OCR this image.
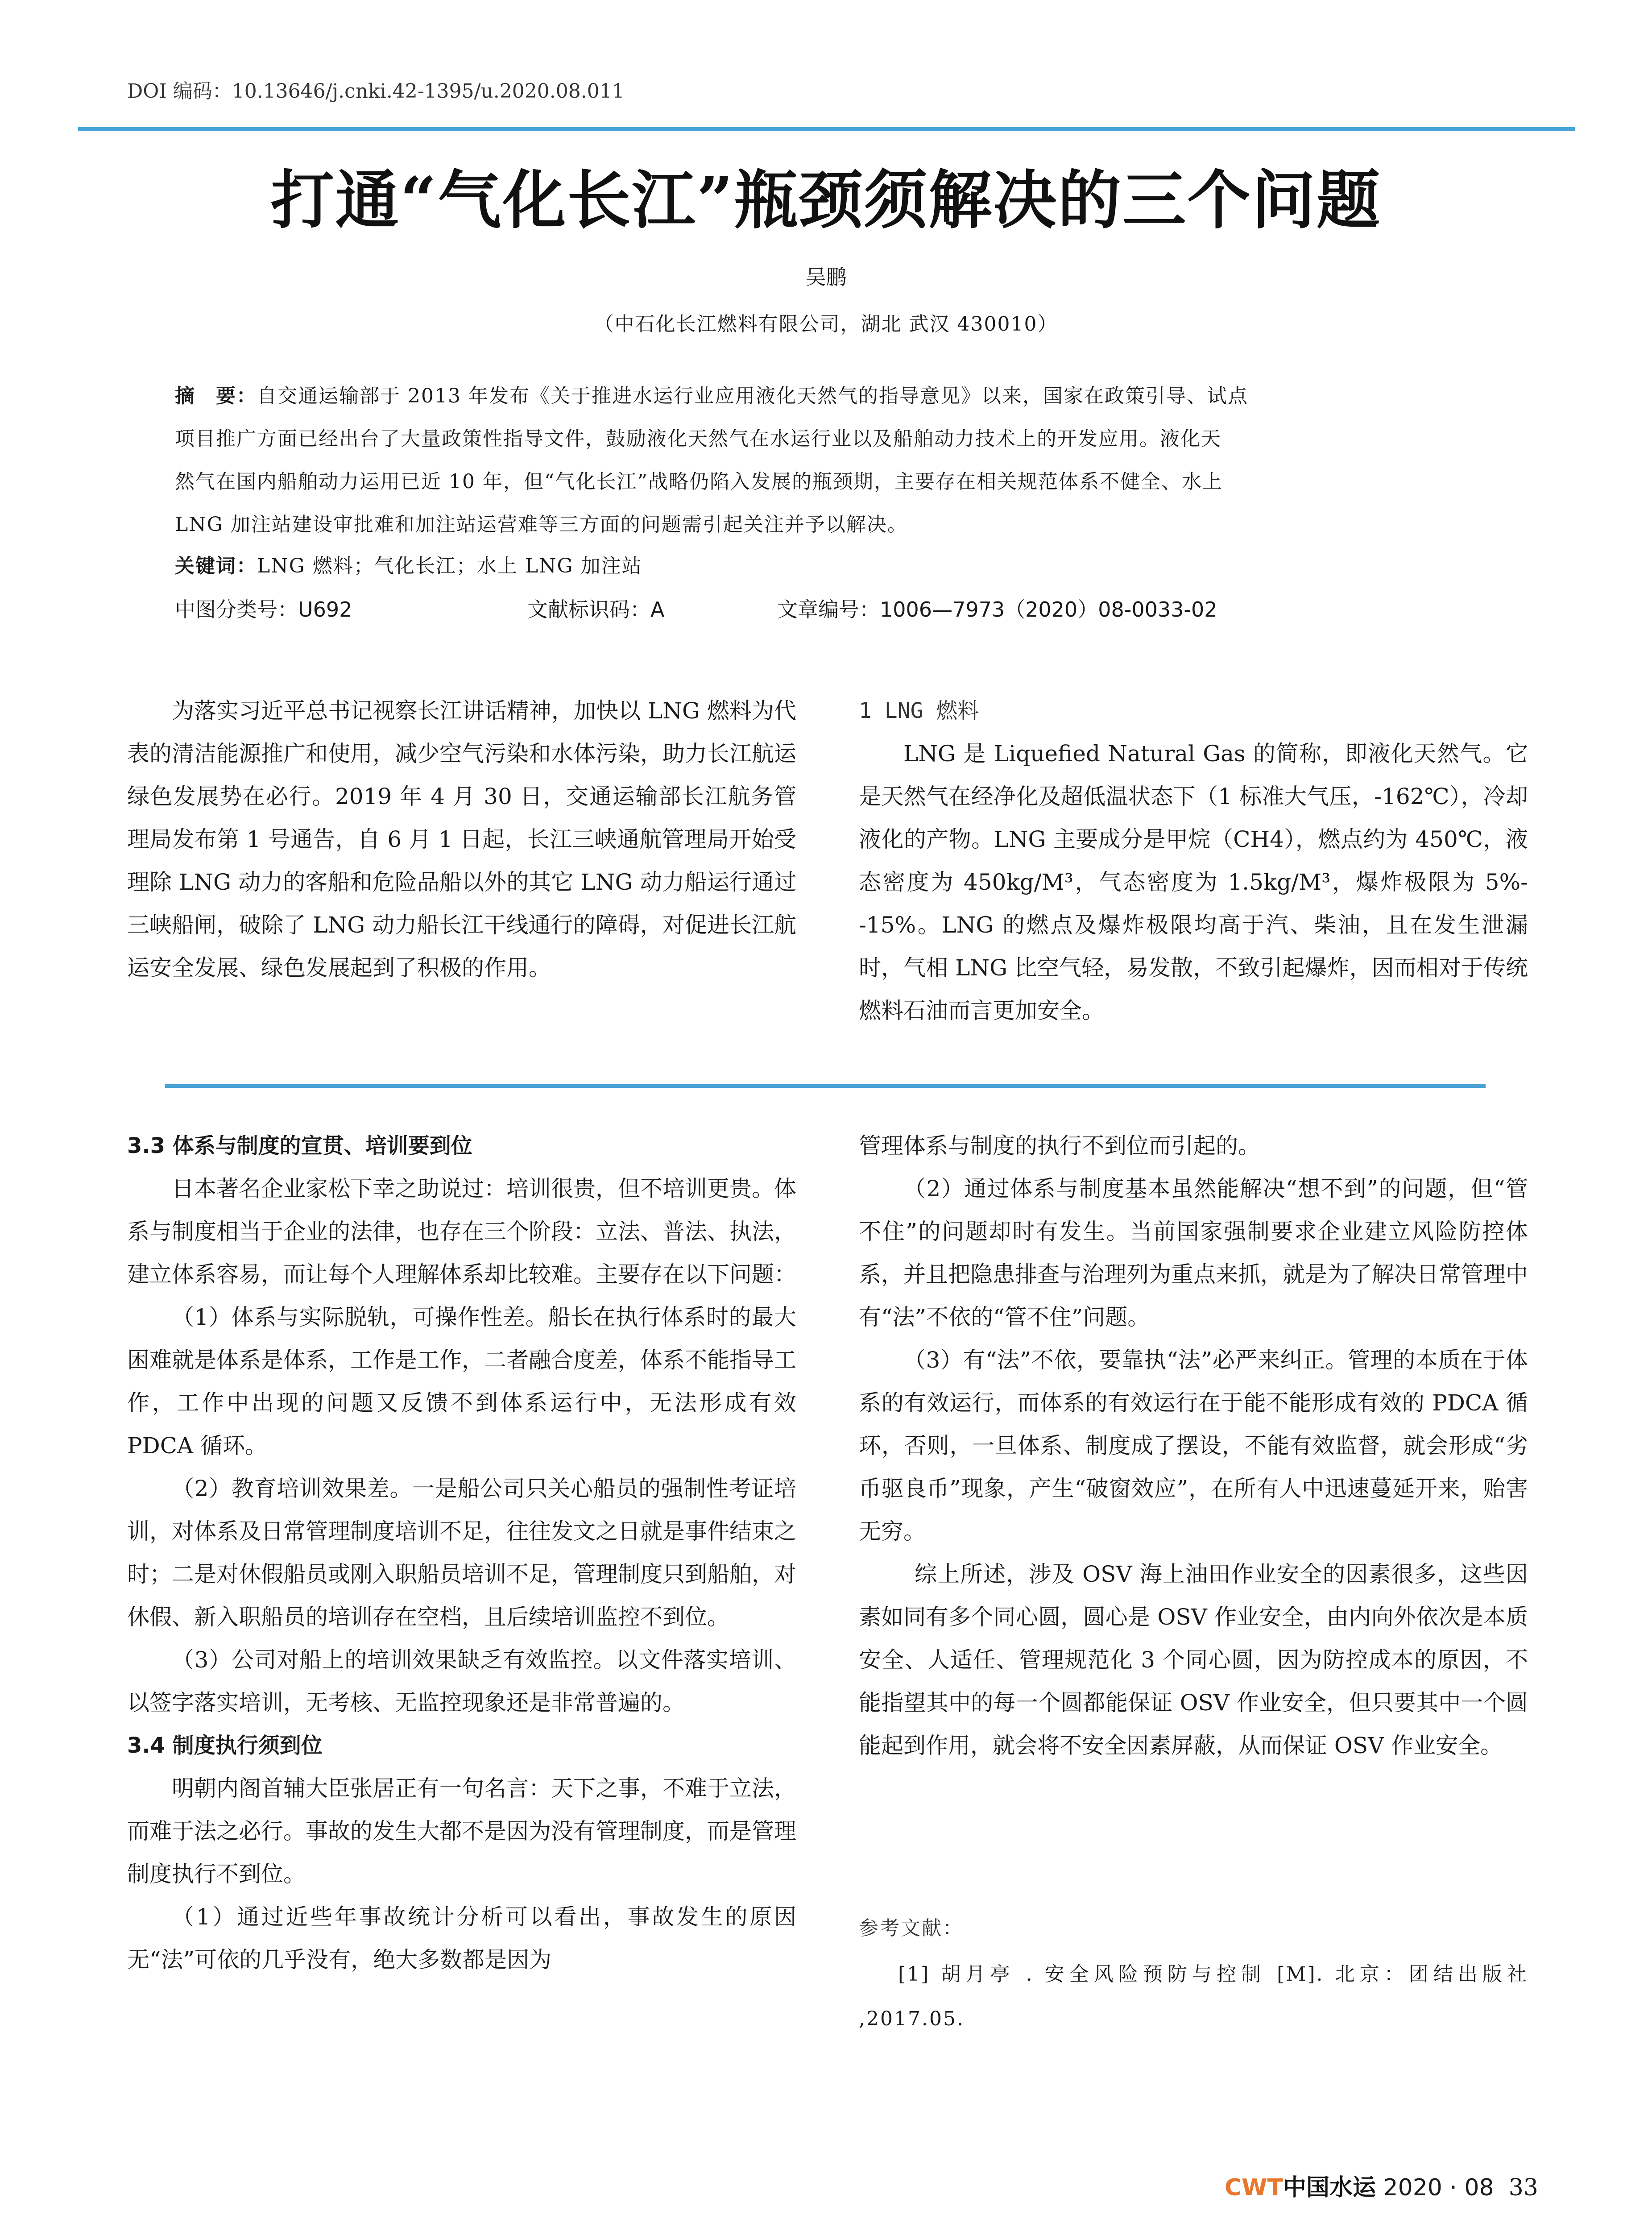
DOI 编码：10.13646/j.cnki.42-1395/u.2020.08.011
打通“气化长江”瓶颈须解决的三个问题
吴鹏
（中石化长江燃料有限公司，湖北 武汉 430010）
摘　要：自交通运输部于 2013 年发布《关于推进水运行业应用液化天然气的指导意见》以来，国家在政策引导、试点
项目推广方面已经出台了大量政策性指导文件，鼓励液化天然气在水运行业以及船舶动力技术上的开发应用。液化天
然气在国内船舶动力运用已近 10 年，但“气化长江”战略仍陷入发展的瓶颈期，主要存在相关规范体系不健全、水上
LNG 加注站建设审批难和加注站运营难等三方面的问题需引起关注并予以解决。
关键词：LNG 燃料；气化长江；水上 LNG 加注站
中图分类号：U692	文献标识码：A	文章编号：1006—7973（2020）08-0033-02

为落实习近平总书记视察长江讲话精神，加快以 LNG 燃料为代表的清洁能源推广和使用，减少空气污染和水体污染，助力长江航运绿色发展势在必行。2019 年 4 月 30 日，交通运输部长江航务管理局发布第 1 号通告，自 6 月 1 日起，长江三峡通航管理局开始受理除 LNG 动力的客船和危险品船以外的其它 LNG 动力船运行通过三峡船闸，破除了 LNG 动力船长江干线通行的障碍，对促进长江航运安全发展、绿色发展起到了积极的作用。

1 LNG 燃料

LNG 是 Liquefied Natural Gas 的简称，即液化天然气。它是天然气在经净化及超低温状态下（1 标准大气压，-162℃），冷却液化的产物。LNG 主要成分是甲烷（CH4），燃点约为 450℃，液态密度为 450kg/M³，气态密度为 1.5kg/M³，爆炸极限为 5%--15%。LNG 的燃点及爆炸极限均高于汽、柴油，且在发生泄漏时，气相 LNG 比空气轻，易发散，不致引起爆炸，因而相对于传统燃料石油而言更加安全。

3.3 体系与制度的宣贯、培训要到位

日本著名企业家松下幸之助说过：培训很贵，但不培训更贵。体系与制度相当于企业的法律，也存在三个阶段：立法、普法、执法，建立体系容易，而让每个人理解体系却比较难。主要存在以下问题：

（1）体系与实际脱轨，可操作性差。船长在执行体系时的最大困难就是体系是体系，工作是工作，二者融合度差，体系不能指导工作，工作中出现的问题又反馈不到体系运行中，无法形成有效 PDCA 循环。

（2）教育培训效果差。一是船公司只关心船员的强制性考证培训，对体系及日常管理制度培训不足，往往发文之日就是事件结束之时；二是对休假船员或刚入职船员培训不足，管理制度只到船舶，对休假、新入职船员的培训存在空档，且后续培训监控不到位。

（3）公司对船上的培训效果缺乏有效监控。以文件落实培训、以签字落实培训，无考核、无监控现象还是非常普遍的。

3.4 制度执行须到位

明朝内阁首辅大臣张居正有一句名言：天下之事，不难于立法，而难于法之必行。事故的发生大都不是因为没有管理制度，而是管理制度执行不到位。

（1）通过近些年事故统计分析可以看出，事故发生的原因无“法”可依的几乎没有，绝大多数都是因为

管理体系与制度的执行不到位而引起的。

（2）通过体系与制度基本虽然能解决“想不到”的问题，但“管不住”的问题却时有发生。当前国家强制要求企业建立风险防控体系，并且把隐患排查与治理列为重点来抓，就是为了解决日常管理中有“法”不依的“管不住”问题。

（3）有“法”不依，要靠执“法”必严来纠正。管理的本质在于体系的有效运行，而体系的有效运行在于能不能形成有效的 PDCA 循环，否则，一旦体系、制度成了摆设，不能有效监督，就会形成“劣币驱良币”现象，产生“破窗效应”，在所有人中迅速蔓延开来，贻害无穷。

综上所述，涉及 OSV 海上油田作业安全的因素很多，这些因素如同有多个同心圆，圆心是 OSV 作业安全，由内向外依次是本质安全、人适任、管理规范化 3 个同心圆，因为防控成本的原因，不能指望其中的每一个圆都能保证 OSV 作业安全，但只要其中一个圆能起到作用，就会将不安全因素屏蔽，从而保证 OSV 作业安全。

参考文献：
[1] 胡月亭 . 安全风险预防与控制 [M]. 北京：团结出版社 ,2017.05.
CWT中国水运 2020 · 08 33
